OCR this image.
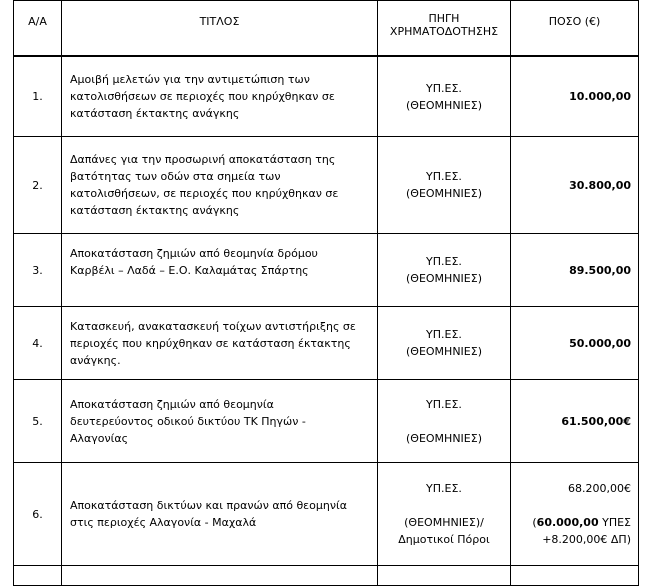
Α/Α	ΤΙΤΛΟΣ	ΠΗΓΗ
ΧΡΗΜΑΤΟΔΟΤΗΣΗΣ	ΠΟΣΟ (€)

1.	Αμοιβή μελετών για την αντιμετώπιση των
κατολισθήσεων σε περιοχές που κηρύχθηκαν σε
κατάσταση έκτακτης ανάγκης	ΥΠ.ΕΣ.
(ΘΕΟΜΗΝΙΕΣ)	10.000,00
2.	Δαπάνες για την προσωρινή αποκατάσταση της
βατότητας των οδών στα σημεία των
κατολισθήσεων, σε περιοχές που κηρύχθηκαν σε
κατάσταση έκτακτης ανάγκης	ΥΠ.ΕΣ.
(ΘΕΟΜΗΝΙΕΣ)	30.800,00
3.	Αποκατάσταση ζημιών από θεομηνία δρόμου
Καρβέλι – Λαδά – Ε.Ο. Καλαμάτας Σπάρτης	ΥΠ.ΕΣ.
(ΘΕΟΜΗΝΙΕΣ)	89.500,00
4.	Κατασκευή, ανακατασκευή τοίχων αντιστήριξης σε
περιοχές που κηρύχθηκαν σε κατάσταση έκτακτης
ανάγκης.	ΥΠ.ΕΣ.
(ΘΕΟΜΗΝΙΕΣ)	50.000,00
5.	Αποκατάσταση ζημιών από θεομηνία
δευτερεύοντος οδικού δικτύου ΤΚ Πηγών -
Αλαγονίας	ΥΠ.ΕΣ.
(ΘΕΟΜΗΝΙΕΣ)	61.500,00€
6.	Αποκατάσταση δικτύων και πρανών από θεομηνία
στις περιοχές Αλαγονία - Μαχαλά	ΥΠ.ΕΣ.
(ΘΕΟΜΗΝΙΕΣ)/
Δημοτικοί Πόροι	68.200,00€
(60.000,00 ΥΠΕΣ
+8.200,00€ ΔΠ)
